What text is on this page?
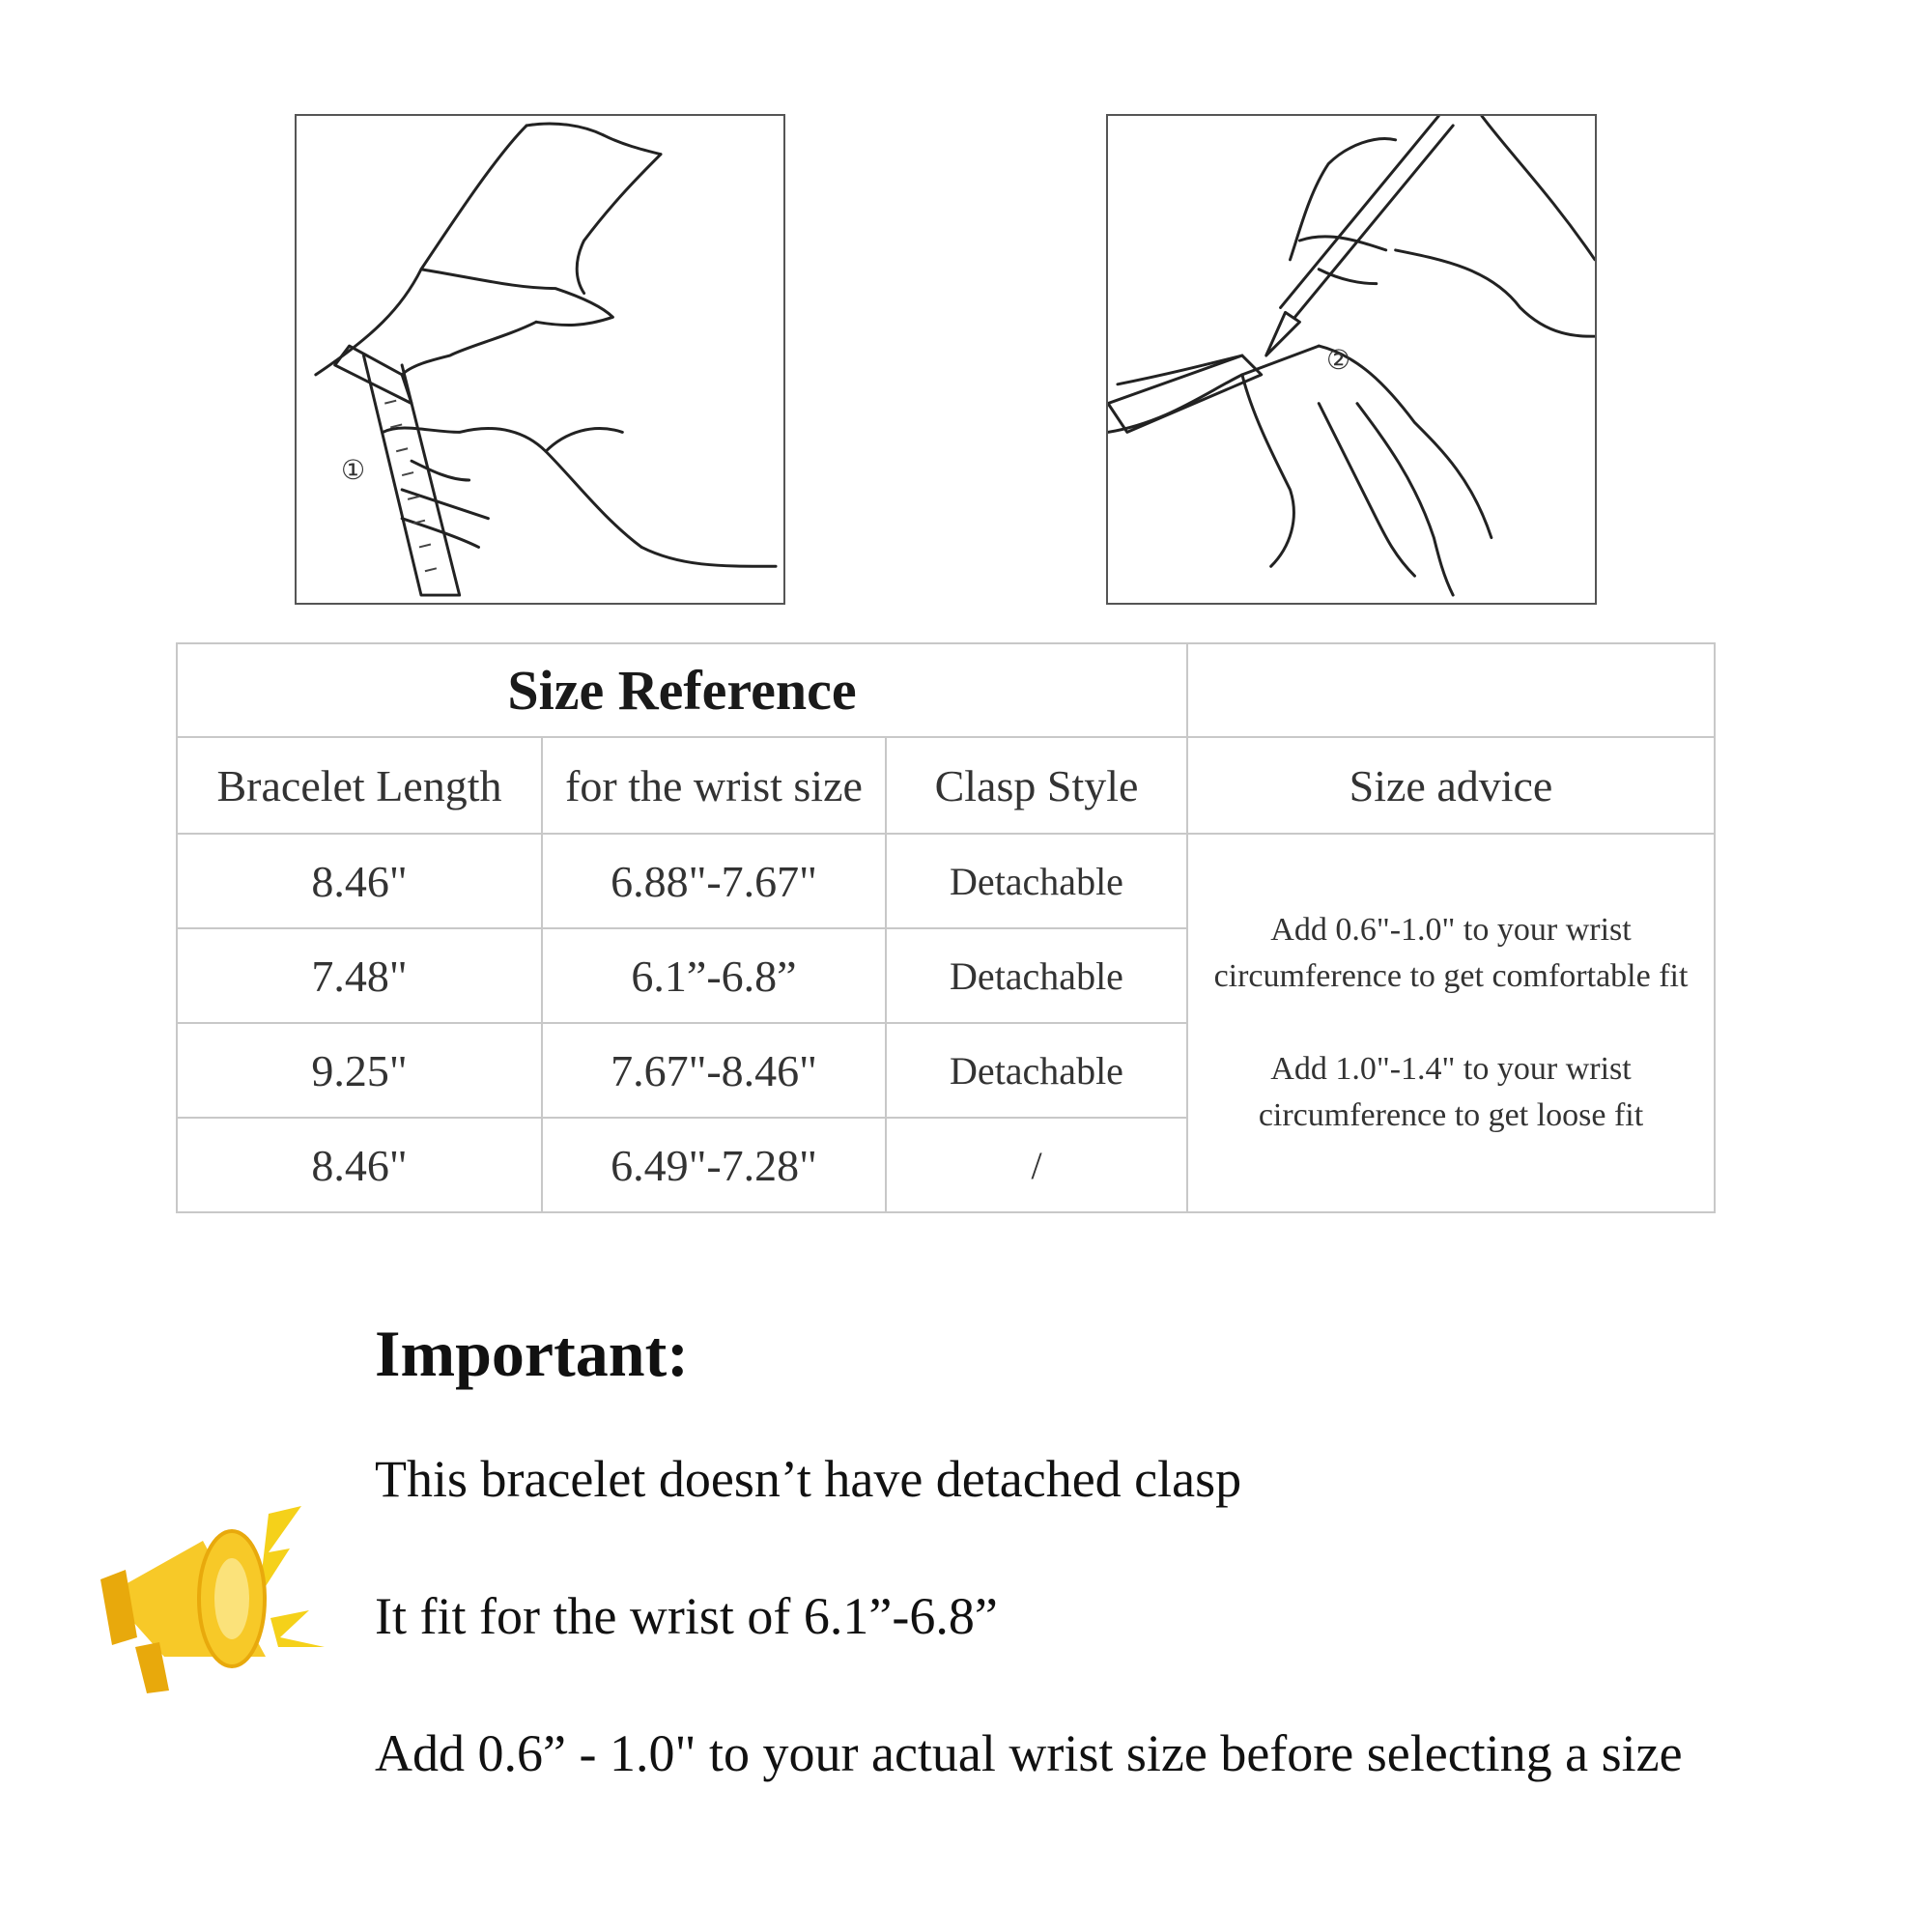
①
②
Size Reference			
Bracelet Length	for the wrist size	Clasp Style	Size advice
8.46"	6.88"-7.67"	Detachable	Add 0.6"-1.0" to your wrist circumference to get comfortable fit

Add 1.0"-1.4" to your wrist circumference to get loose fit

7.48"	6.1”-6.8”	Detachable	
9.25"	7.67"-8.46"	Detachable	
8.46"	6.49"-7.28"	/	
Important:
This bracelet doesn’t have detached clasp
It fit for the wrist of 6.1”-6.8”
Add 0.6” - 1.0" to your actual wrist size before selecting a size
